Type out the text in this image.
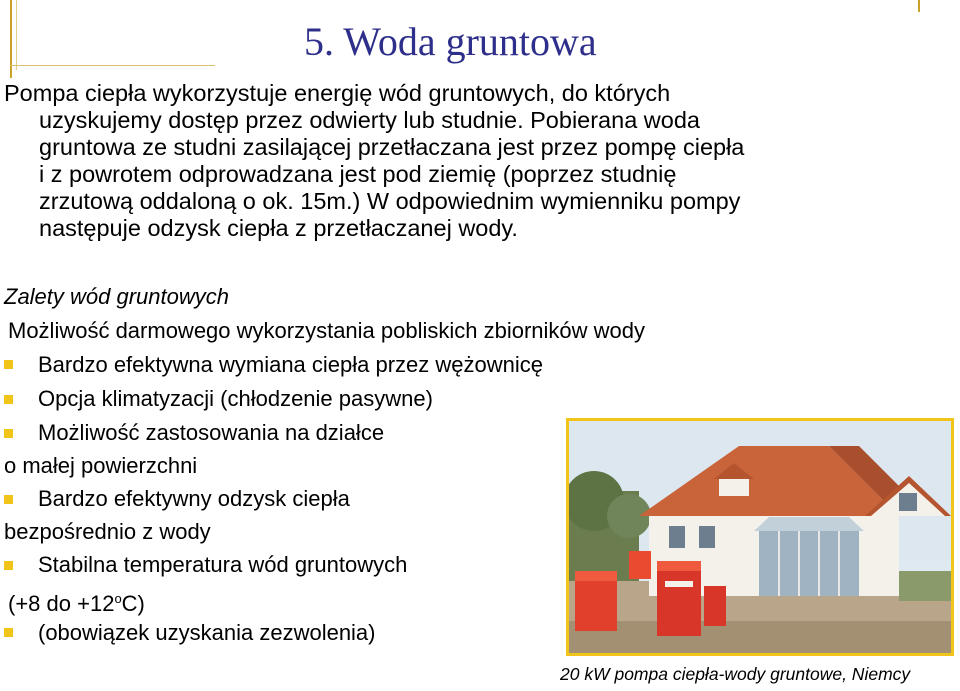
5. Woda gruntowa
Pompa ciepła wykorzystuje energię wód gruntowych, do których
uzyskujemy dostęp przez odwierty lub studnie. Pobierana woda
gruntowa ze studni zasilającej przetłaczana jest przez pompę ciepła
i z powrotem odprowadzana jest pod ziemię (poprzez studnię
zrzutową oddaloną o ok. 15m.) W odpowiednim wymienniku pompy
następuje odzysk ciepła z przetłaczanej wody.
Zalety wód gruntowych
Możliwość darmowego wykorzystania pobliskich zbiorników wody
Bardzo efektywna wymiana ciepła przez wężownicę
Opcja klimatyzacji (chłodzenie pasywne)
Możliwość zastosowania na działce
o małej powierzchni
Bardzo efektywny odzysk ciepła
bezpośrednio z wody
Stabilna temperatura wód gruntowych
(+8 do $+12^oC$)
(obowiązek uzyskania zezwolenia)
20 kW pompa ciepła-wody gruntowe, Niemcy
